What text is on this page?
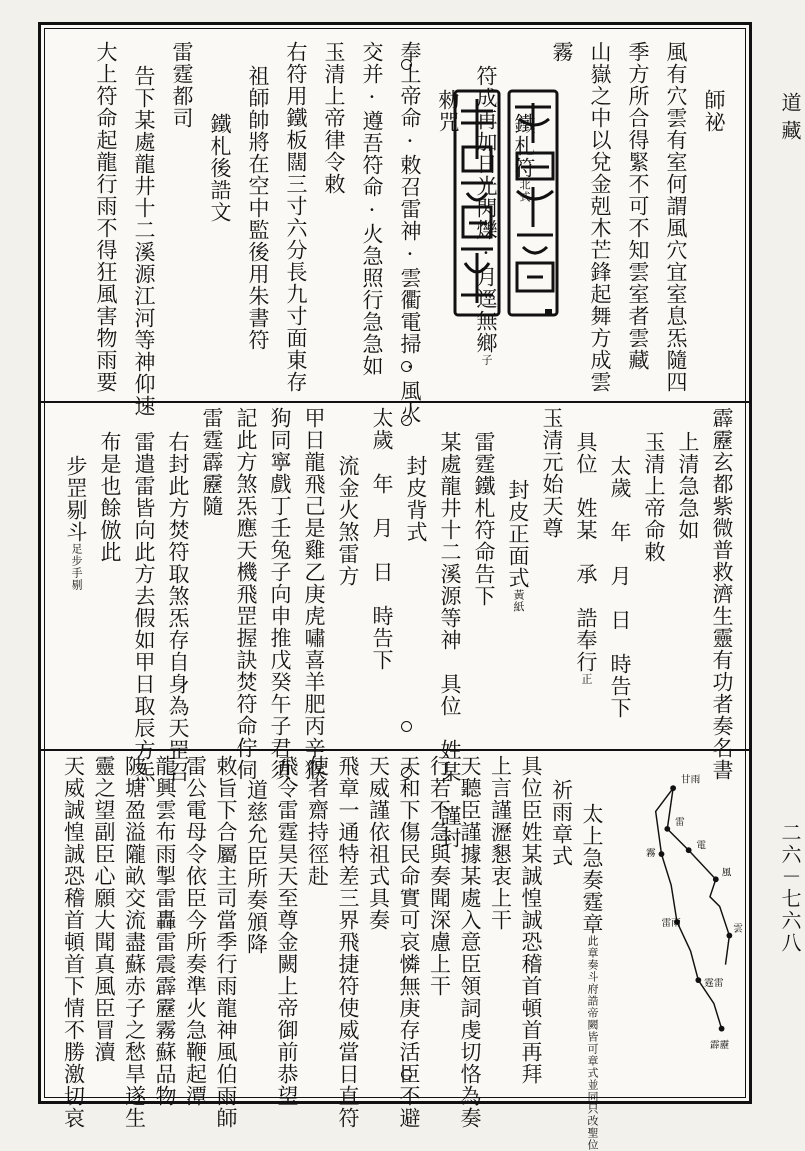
道藏
二六－七六八
師祕
風有穴雲有室何謂風穴宜室息炁隨四
季方所合得緊不可不知雲室者雲藏
山嶽之中以兌金剋木芒鋒起舞方成雲
霧
鐵札符北式
符成再加日光閃爍·月逕無鄉子
勑咒
奉上帝命·敕召雷神·雲衢電掃·風火
交并·遵吾符命·火急照行急急如
玉清上帝律令敕
右符用鐵板闊三寸六分長九寸面東存
祖師帥將在空中監後用朱書符
鐵札後誥文
雷霆都司
告下某處龍井十二溪源江河等神仰速
大上符命起龍行雨不得狂風害物雨要
霹靂玄都紫微普救濟生靈有功者奏名書
上清急急如
玉清上帝命敕
太歲　年　月　日　時告下
具位　姓某　承　誥奉行正
玉清元始天尊
封皮正面式黃紙
雷霆鐵札符命告下
某處龍井十二溪源等神　具位　姓某　謹封
封皮背式
太歲　年　月　日　時告下
流金火煞雷方
甲日龍飛己是雞乙庚虎嘯喜羊肥丙辛猴
狗同寧戲丁壬兔子向申推戊癸午子君須
記此方煞炁應天機飛罡握訣焚符命佇伺
雷霆霹靂隨
右封此方焚符取煞炁存自身為天罡召
雷遣雷皆向此方去假如甲日取辰方炁
布是也餘倣此
步罡剔斗足步手剔
甘雨
雷
電
風
雲
霧
雷雨
霆雷
霹靂
太上急奏霆章此章奏斗府誥帝闕皆可章式並同只改聖位
祈雨章式
具位臣姓某誠惶誠恐稽首頓首再拜
上言謹瀝懇衷上干
天聽臣謹據某處入意臣領詞虔切恪為奏
行若不急與奏聞深慮上干
天和下傷民命實可哀憐無庚存活臣不避
天威謹依祖式具奏
飛章一通特差三界飛捷符使威當日直符
使者齋持徑赴
飛令雷霆昊天至尊金闕上帝御前恭望
道慈允臣所奏頒降
敕旨下合屬主司當季行雨龍神風伯雨師
雷公電母令依臣今所奏準火急鞭起潭
龍興雲布雨掣雷轟雷震霹靂霧蘇品物
陂塘盈溢隴畝交流盡蘇赤子之愁旱遂生
靈之望副臣心願大聞真風臣冒瀆
天威誠惶誠恐稽首頓首下情不勝激切哀
